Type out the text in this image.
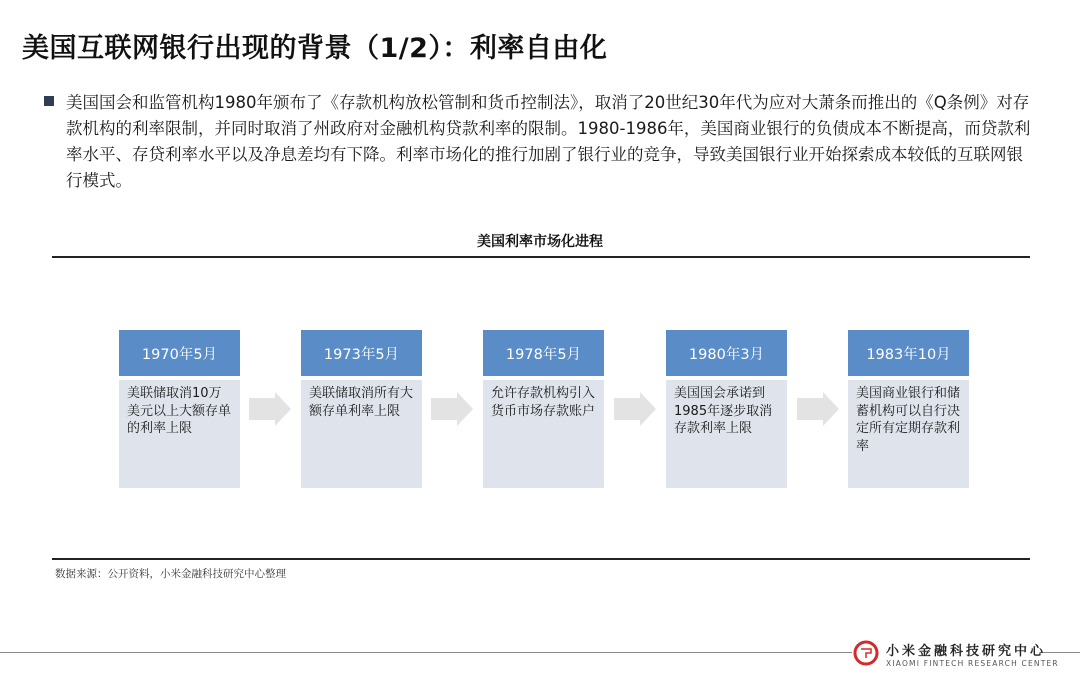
美国互联网银行出现的背景（1/2）：利率自由化
美国国会和监管机构1980年颁布了《存款机构放松管制和货币控制法》，取消了20世纪30年代为应对大萧条而推出的《Q条例》对存款机构的利率限制，并同时取消了州政府对金融机构贷款利率的限制。1980-1986年，美国商业银行的负债成本不断提高，而贷款利率水平、存贷利率水平以及净息差均有下降。利率市场化的推行加剧了银行业的竞争，导致美国银行业开始探索成本较低的互联网银行模式。
美国利率市场化进程
1970年5月
美联储取消10万美元以上大额存单的利率上限
1973年5月
美联储取消所有大额存单利率上限
1978年5月
允许存款机构引入货币市场存款账户
1980年3月
美国国会承诺到1985年逐步取消存款利率上限
1983年10月
美国商业银行和储蓄机构可以自行决定所有定期存款利率
数据来源：公开资料，小米金融科技研究中心整理
小米金融科技研究中心
XIAOMI FINTECH RESEARCH CENTER
